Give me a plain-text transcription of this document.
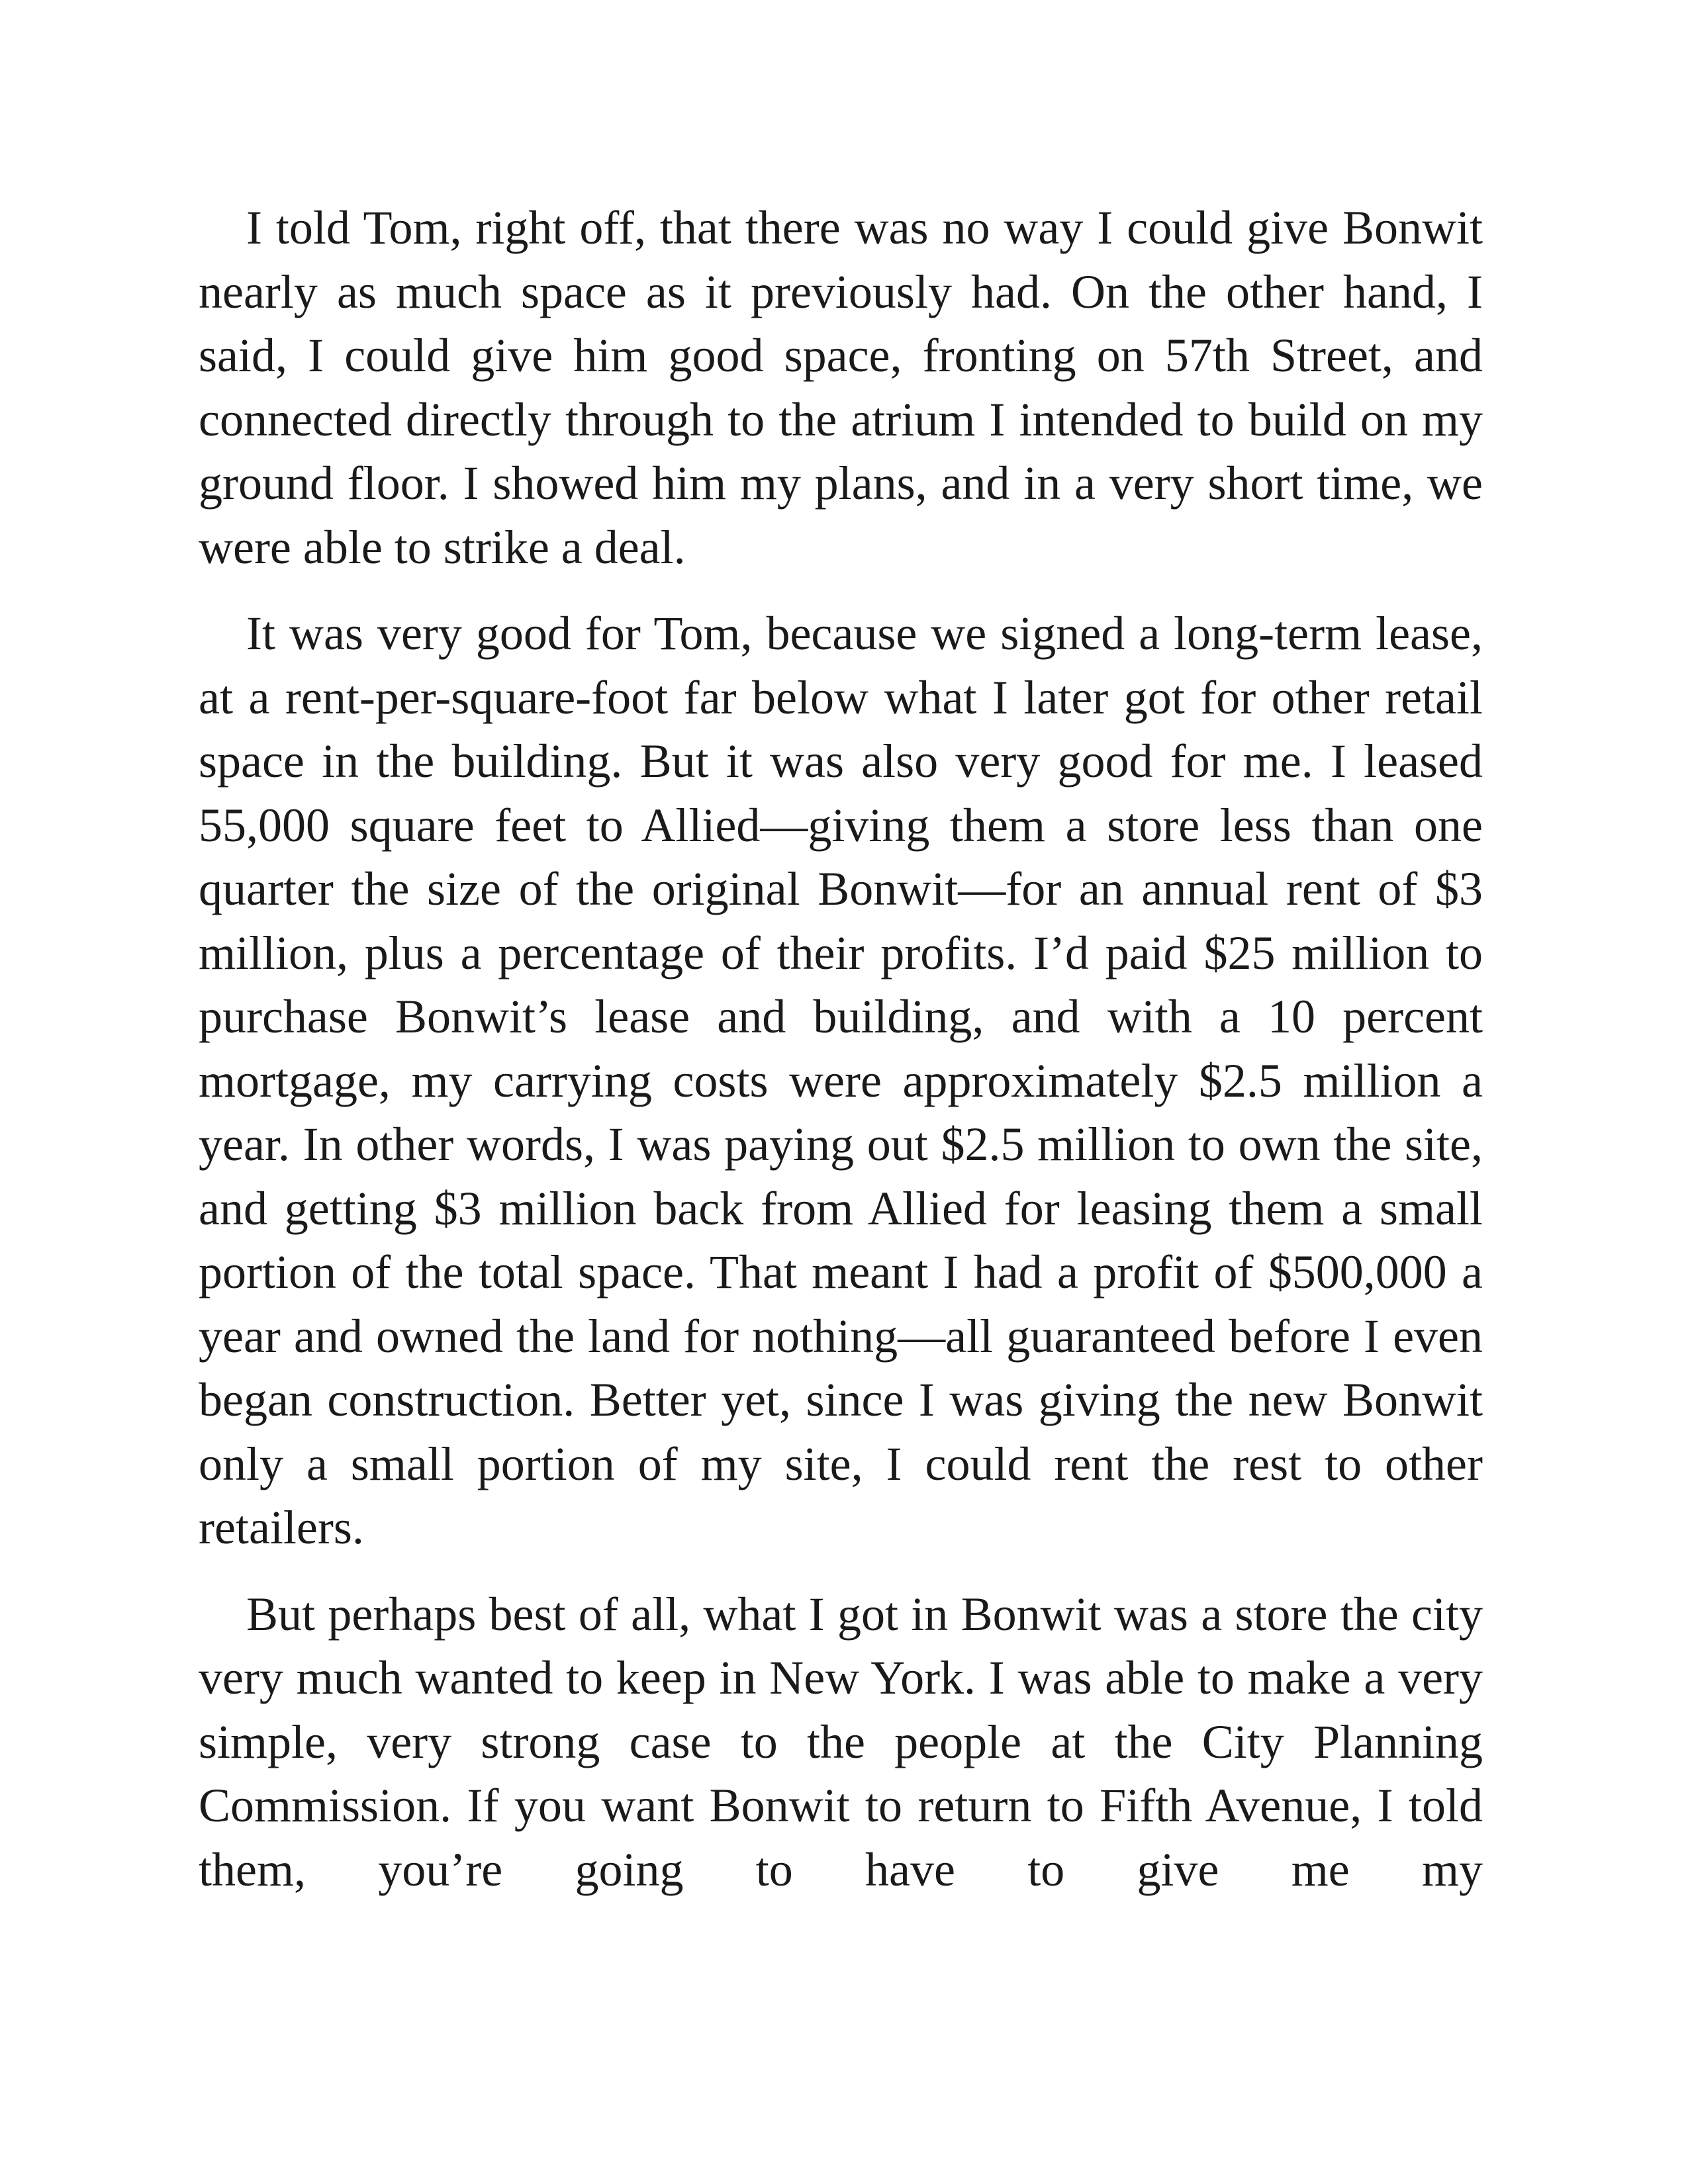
I told Tom, right off, that there was no way I could give Bonwit nearly as much space as it previously had. On the other hand, I said, I could give him good space, fronting on 57th Street, and connected directly through to the atrium I intended to build on my ground floor. I showed him my plans, and in a very short time, we were able to strike a deal.

It was very good for Tom, because we signed a long-term lease, at a rent-per-square-foot far below what I later got for other retail space in the building. But it was also very good for me. I leased 55,000 square feet to Allied—giving them a store less than one quarter the size of the original Bonwit—for an annual rent of $3 million, plus a percentage of their profits. I’d paid $25 million to purchase Bonwit’s lease and building, and with a 10 percent mortgage, my carrying costs were approximately $2.5 million a year. In other words, I was paying out $2.5 million to own the site, and getting $3 million back from Allied for leasing them a small portion of the total space. That meant I had a profit of $500,000 a year and owned the land for nothing—all guaranteed before I even began construction. Better yet, since I was giving the new Bonwit only a small portion of my site, I could rent the rest to other retailers.

But perhaps best of all, what I got in Bonwit was a store the city very much wanted to keep in New York. I was able to make a very simple, very strong case to the people at the City Planning Commission. If you want Bonwit to return to Fifth Avenue, I told them, you’re going to have to give me my
